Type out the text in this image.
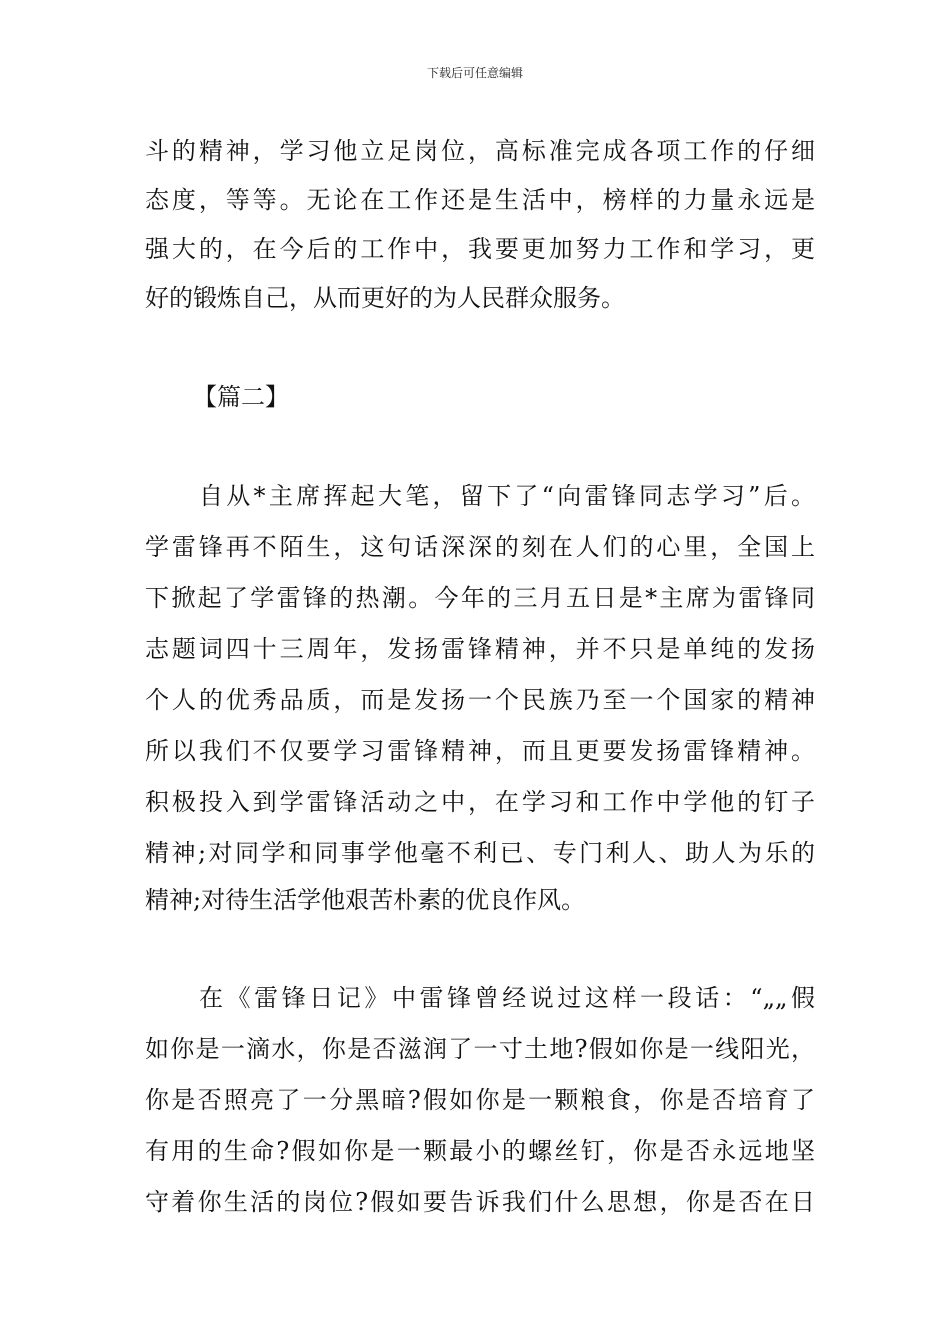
下载后可任意编辑
斗的精神，学习他立足岗位，高标准完成各项工作的仔细
态度，等等。无论在工作还是生活中，榜样的力量永远是
强大的，在今后的工作中，我要更加努力工作和学习，更
好的锻炼自己，从而更好的为人民群众服务。
【篇二】
自从*主席挥起大笔，留下了“向雷锋同志学习”后。
学雷锋再不陌生，这句话深深的刻在人们的心里，全国上
下掀起了学雷锋的热潮。今年的三月五日是*主席为雷锋同
志题词四十三周年，发扬雷锋精神，并不只是单纯的发扬
个人的优秀品质，而是发扬一个民族乃至一个国家的精神
所以我们不仅要学习雷锋精神，而且更要发扬雷锋精神。
积极投入到学雷锋活动之中，在学习和工作中学他的钉子
精神;对同学和同事学他毫不利已、专门利人、助人为乐的
精神;对待生活学他艰苦朴素的优良作风。
在《雷锋日记》中雷锋曾经说过这样一段话：“„„假
如你是一滴水，你是否滋润了一寸土地?假如你是一线阳光，
你是否照亮了一分黑暗?假如你是一颗粮食，你是否培育了
有用的生命?假如你是一颗最小的螺丝钉，你是否永远地坚
守着你生活的岗位?假如要告诉我们什么思想，你是否在日
